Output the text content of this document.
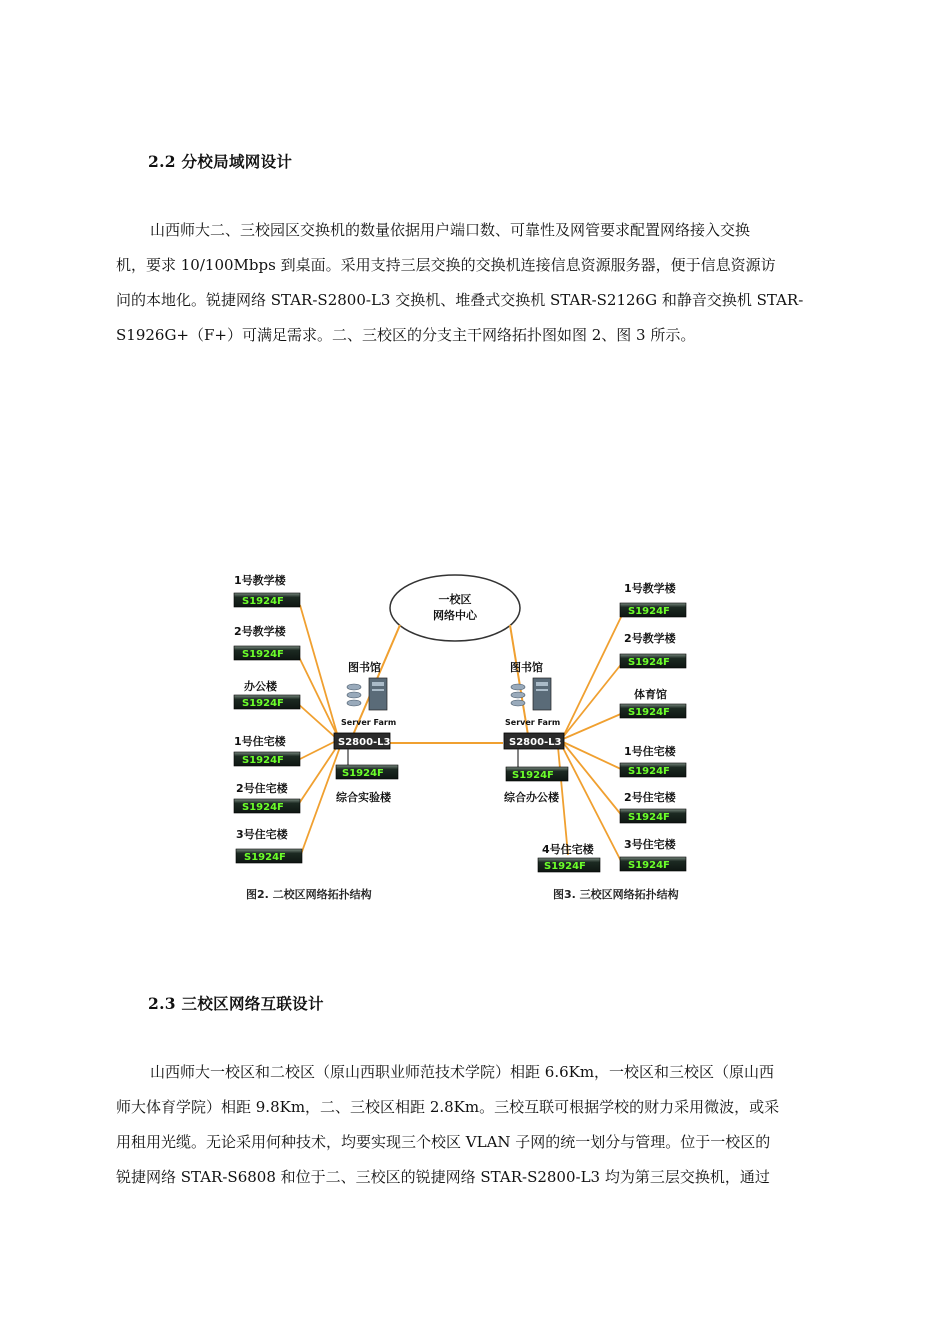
2.2 分校局域网设计
山西师大二、三校园区交换机的数量依据用户端口数、可靠性及网管要求配置网络接入交换
机，要求 10/100Mbps 到桌面。采用支持三层交换的交换机连接信息资源服务器，便于信息资源访
问的本地化。锐捷网络 STAR-S2800-L3 交换机、堆叠式交换机 STAR-S2126G 和静音交换机 STAR-
S1926G+（F+）可满足需求。二、三校区的分支主干网络拓扑图如图 2、图 3 所示。
一校区
网络中心
1号教学楼
2号教学楼
办公楼
1号住宅楼
2号住宅楼
3号住宅楼
S1924F
S1924F
S1924F
S1924F
S1924F
S1924F
图书馆
Server Farm
S2800-L3
S1924F
综合实验楼
图书馆
Server Farm
S2800-L3
S1924F
综合办公楼
1号教学楼
2号教学楼
体育馆
1号住宅楼
2号住宅楼
3号住宅楼
4号住宅楼
S1924F
S1924F
S1924F
S1924F
S1924F
S1924F
S1924F
图2. 二校区网络拓扑结构	图3. 三校区网络拓扑结构
2.3 三校区网络互联设计
山西师大一校区和二校区（原山西职业师范技术学院）相距 6.6Km，一校区和三校区（原山西
师大体育学院）相距 9.8Km，二、三校区相距 2.8Km。三校互联可根据学校的财力采用微波，或采
用租用光缆。无论采用何种技术，均要实现三个校区 VLAN 子网的统一划分与管理。位于一校区的
锐捷网络 STAR-S6808 和位于二、三校区的锐捷网络 STAR-S2800-L3 均为第三层交换机，通过
